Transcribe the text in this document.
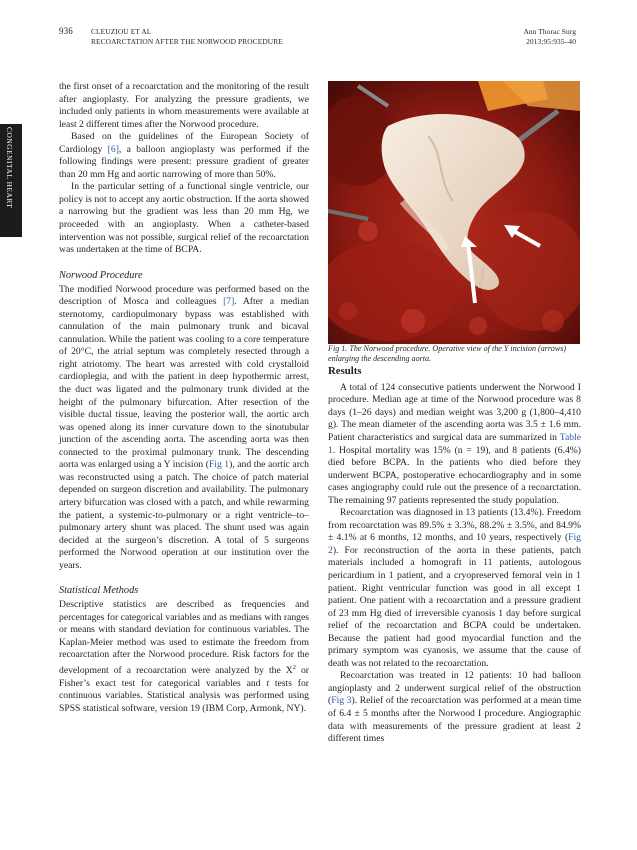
936 CLEUZIOU ET AL
RECOARCTATION AFTER THE NORWOOD PROCEDURE
Ann Thorac Surg
2013;95:935–40
CONGENITAL HEART

the first onset of a recoarctation and the monitoring of the result after angioplasty. For analyzing the pressure gradients, we included only patients in whom measurements were available at least 2 different times after the Norwood procedure.

Based on the guidelines of the European Society of Cardiology [6], a balloon angioplasty was performed if the following findings were present: pressure gradient of greater than 20 mm Hg and aortic narrowing of more than 50%.

In the particular setting of a functional single ventricle, our policy is not to accept any aortic obstruction. If the aorta showed a narrowing but the gradient was less than 20 mm Hg, we proceeded with an angioplasty. When a catheter-based intervention was not possible, surgical relief of the recoarctation was undertaken at the time of BCPA.

Norwood Procedure

The modified Norwood procedure was performed based on the description of Mosca and colleagues [7]. After a median sternotomy, cardiopulmonary bypass was established with cannulation of the main pulmonary trunk and bicaval cannulation. While the patient was cooling to a core temperature of 20°C, the atrial septum was completely resected through a right atriotomy. The heart was arrested with cold crystalloid cardioplegia, and with the patient in deep hypothermic arrest, the duct was ligated and the pulmonary trunk divided at the height of the pulmonary bifurcation. After resection of the visible ductal tissue, leaving the posterior wall, the aortic arch was opened along its inner curvature down to the sinotubular junction of the ascending aorta. The ascending aorta was then connected to the proximal pulmonary trunk. The descending aorta was enlarged using a Y incision (Fig 1), and the aortic arch was reconstructed using a patch. The choice of patch material depended on surgeon discretion and availability. The pulmonary artery bifurcation was closed with a patch, and while rewarming the patient, a systemic-to-pulmonary or a right ventricle–to–pulmonary artery shunt was placed. The shunt used was again decided at the surgeon’s discretion. A total of 5 surgeons performed the Norwood operation at our institution over the years.

Statistical Methods

Descriptive statistics are described as frequencies and percentages for categorical variables and as medians with ranges or means with standard deviation for continuous variables. The Kaplan-Meier method was used to estimate the freedom from recoarctation after the Norwood procedure. Risk factors for the development of a recoarctation were analyzed by the $X^2$ or Fisher’s exact test for categorical variables and t tests for continuous variables. Statistical analysis was performed using SPSS statistical software, version 19 (IBM Corp, Armonk, NY).

Fig 1. The Norwood procedure. Operative view of the Y incision (arrows) enlarging the descending aorta.

Results

A total of 124 consecutive patients underwent the Norwood I procedure. Median age at time of the Norwood procedure was 8 days (1–26 days) and median weight was 3,200 g (1,800–4,410 g). The mean diameter of the ascending aorta was 3.5 ± 1.6 mm. Patient characteristics and surgical data are summarized in Table 1. Hospital mortality was 15% (n = 19), and 8 patients (6.4%) died before BCPA. In the patients who died before they underwent BCPA, postoperative echocardiography and in some cases angiography could rule out the presence of a recoarctation. The remaining 97 patients represented the study population.

Recoarctation was diagnosed in 13 patients (13.4%). Freedom from recoarctation was 89.5% ± 3.3%, 88.2% ± 3.5%, and 84.9% ± 4.1% at 6 months, 12 months, and 10 years, respectively (Fig 2). For reconstruction of the aorta in these patients, patch materials included a homograft in 11 patients, autologous pericardium in 1 patient, and a cryopreserved femoral vein in 1 patient. Right ventricular function was good in all except 1 patient. One patient with a recoarctation and a pressure gradient of 23 mm Hg died of irreversible cyanosis 1 day before surgical relief of the recoarctation and BCPA could be undertaken. Because the patient had good myocardial function and the primary symptom was cyanosis, we assume that the cause of death was not related to the recoarctation.

Recoarctation was treated in 12 patients: 10 had balloon angioplasty and 2 underwent surgical relief of the obstruction (Fig 3). Relief of the recoarctation was performed at a mean time of 6.4 ± 5 months after the Norwood I procedure. Angiographic data with measurements of the pressure gradient at least 2 different times
